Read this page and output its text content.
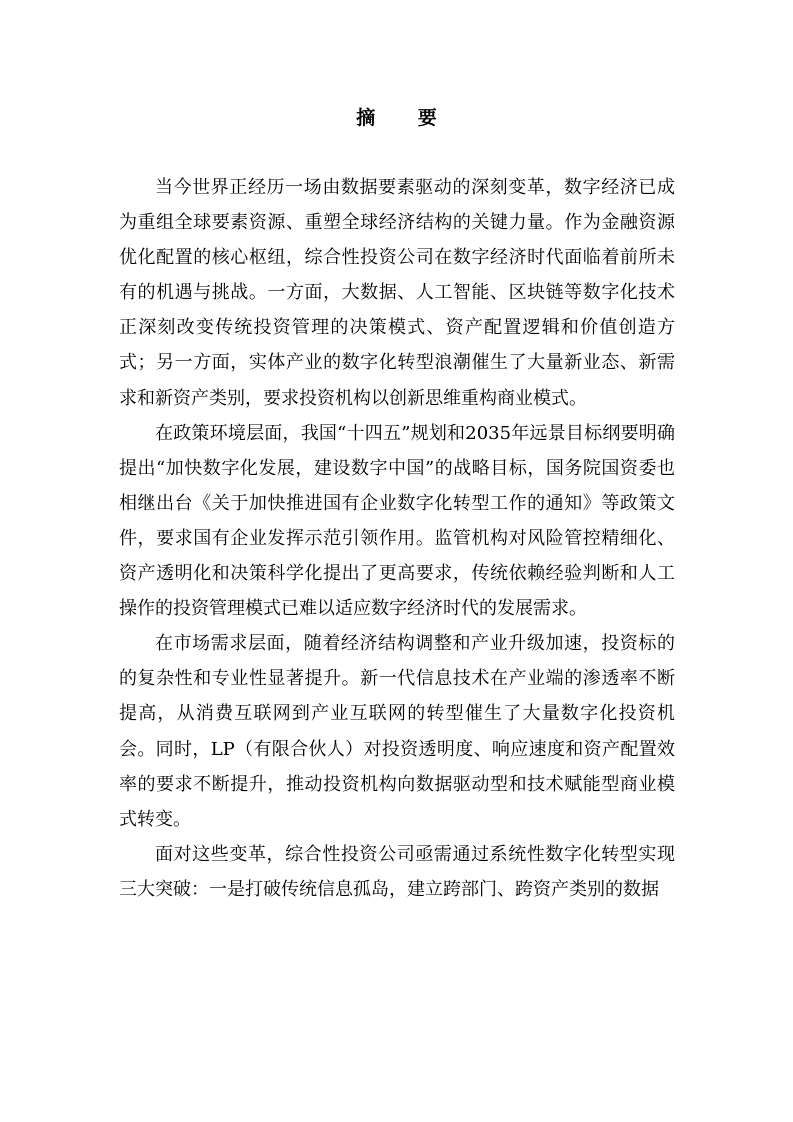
摘 要

当今世界正经历一场由数据要素驱动的深刻变革，数字经济已成为重组全球要素资源、重塑全球经济结构的关键力量。作为金融资源优化配置的核心枢纽，综合性投资公司在数字经济时代面临着前所未有的机遇与挑战。一方面，大数据、人工智能、区块链等数字化技术正深刻改变传统投资管理的决策模式、资产配置逻辑和价值创造方式；另一方面，实体产业的数字化转型浪潮催生了大量新业态、新需求和新资产类别，要求投资机构以创新思维重构商业模式。

在政策环境层面，我国“十四五”规划和2035年远景目标纲要明确提出“加快数字化发展，建设数字中国”的战略目标，国务院国资委也相继出台《关于加快推进国有企业数字化转型工作的通知》等政策文件，要求国有企业发挥示范引领作用。监管机构对风险管控精细化、资产透明化和决策科学化提出了更高要求，传统依赖经验判断和人工操作的投资管理模式已难以适应数字经济时代的发展需求。

在市场需求层面，随着经济结构调整和产业升级加速，投资标的的复杂性和专业性显著提升。新一代信息技术在产业端的渗透率不断提高，从消费互联网到产业互联网的转型催生了大量数字化投资机会。同时，LP（有限合伙人）对投资透明度、响应速度和资产配置效率的要求不断提升，推动投资机构向数据驱动型和技术赋能型商业模式转变。

面对这些变革，综合性投资公司亟需通过系统性数字化转型实现三大突破：一是打破传统信息孤岛，建立跨部门、跨资产类别的数据
